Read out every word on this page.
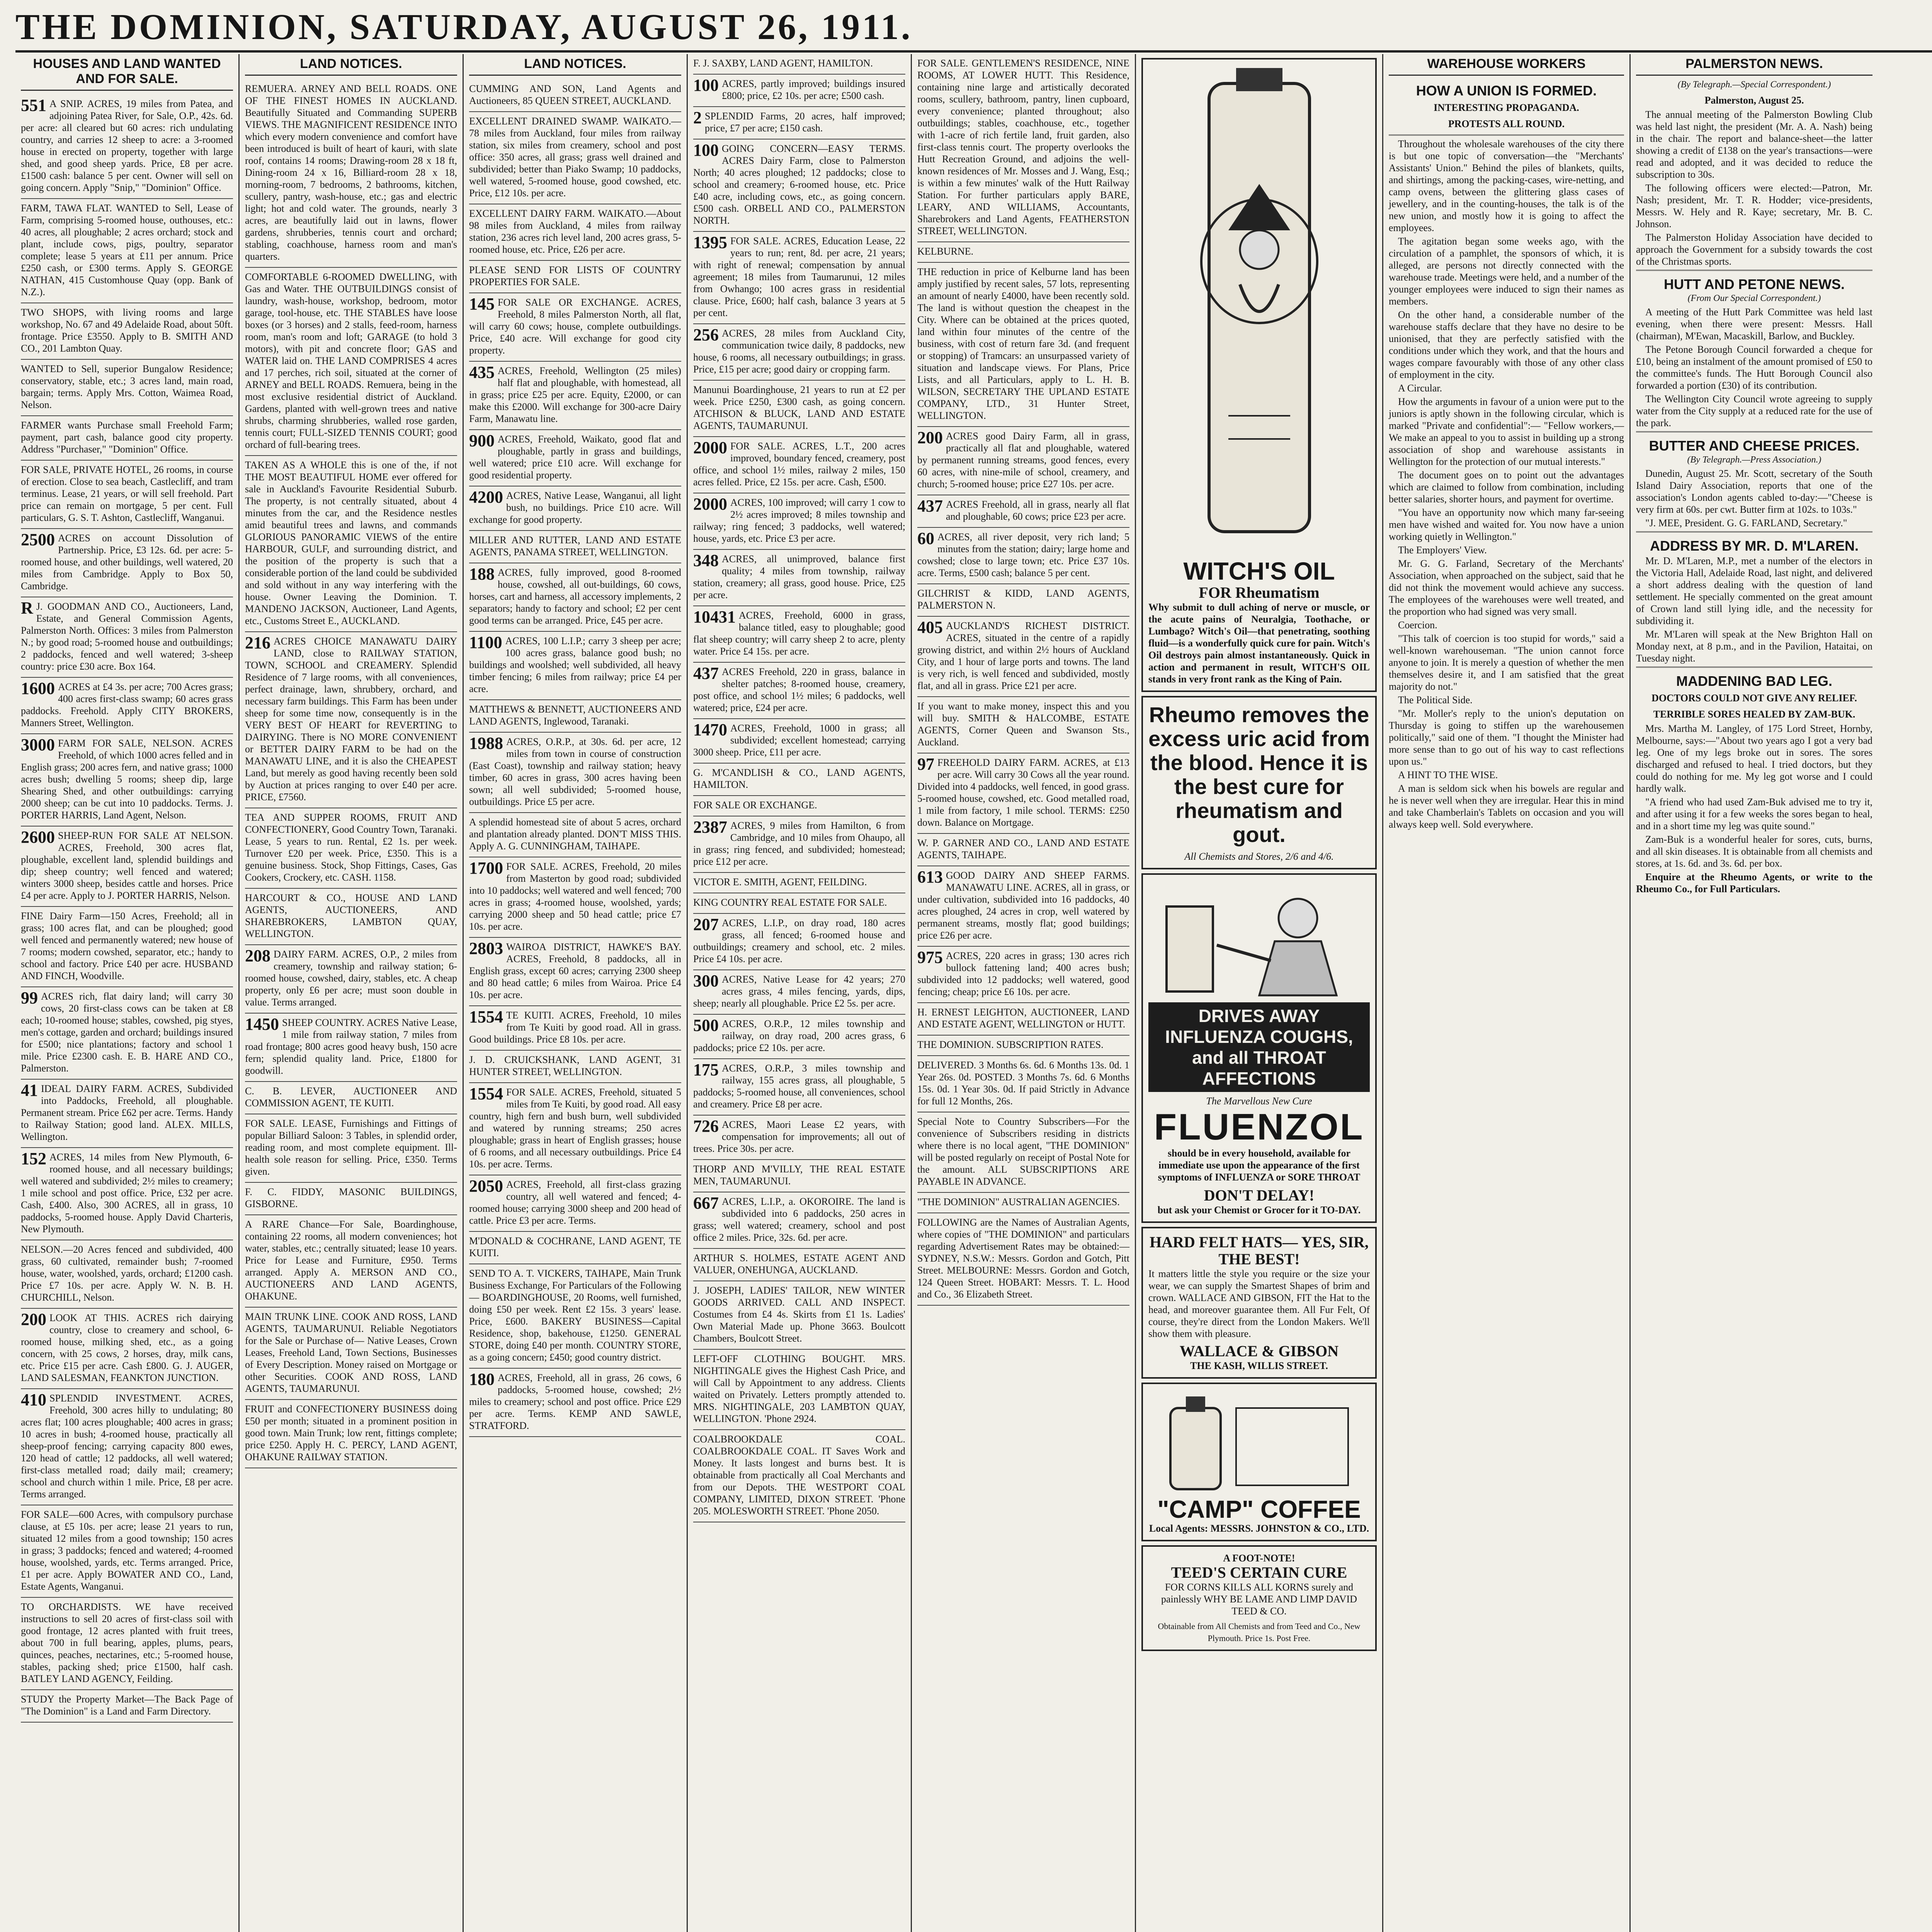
THE DOMINION, SATURDAY, AUGUST 26, 1911.
HOUSES AND LAND WANTED AND FOR SALE.
551 A SNIP. ACRES, 19 miles from Patea, and adjoining Patea River, for Sale, O.P., 42s. 6d. per acre: all cleared but 60 acres: rich undulating country, and carries 12 sheep to acre: a 3-roomed house in erected on property, together with large shed, and good sheep yards. Price, £8 per acre. £1500 cash: balance 5 per cent. Owner will sell on going concern. Apply "Snip," "Dominion" Office.
FARM, TAWA FLAT. WANTED to Sell, Lease of Farm, comprising 5-roomed house, outhouses, etc.: 40 acres, all ploughable; 2 acres orchard; stock and plant, include cows, pigs, poultry, separator complete; lease 5 years at £11 per annum. Price £250 cash, or £300 terms. Apply S. GEORGE NATHAN, 415 Customhouse Quay (opp. Bank of N.Z.).
TWO SHOPS, with living rooms and large workshop, No. 67 and 49 Adelaide Road, about 50ft. frontage. Price £3550. Apply to B. SMITH AND CO., 201 Lambton Quay.
WANTED to Sell, superior Bungalow Residence; conservatory, stable, etc.; 3 acres land, main road, bargain; terms. Apply Mrs. Cotton, Waimea Road, Nelson.
FARMER wants Purchase small Freehold Farm; payment, part cash, balance good city property. Address "Purchaser," "Dominion" Office.
FOR SALE, PRIVATE HOTEL, 26 rooms, in course of erection. Close to sea beach, Castlecliff, and tram terminus. Lease, 21 years, or will sell freehold. Part price can remain on mortgage, 5 per cent. Full particulars, G. S. T. Ashton, Castlecliff, Wanganui.
2500 ACRES on account Dissolution of Partnership. Price, £3 12s. 6d. per acre: 5-roomed house, and other buildings, well watered, 20 miles from Cambridge. Apply to Box 50, Cambridge.
R J. GOODMAN AND CO., Auctioneers, Land, Estate, and General Commission Agents, Palmerston North. Offices: 3 miles from Palmerston N.; by good road; 5-roomed house and outbuildings; 2 paddocks, fenced and well watered; 3-sheep country: price £30 acre. Box 164.
1600 ACRES at £4 3s. per acre; 700 Acres grass; 400 acres first-class swamp; 60 acres grass paddocks. Freehold. Apply CITY BROKERS, Manners Street, Wellington.
3000 FARM FOR SALE, NELSON. ACRES Freehold, of which 1000 acres felled and in English grass; 200 acres fern, and native grass; 1000 acres bush; dwelling 5 rooms; sheep dip, large Shearing Shed, and other outbuildings: carrying 2000 sheep; can be cut into 10 paddocks. Terms. J. PORTER HARRIS, Land Agent, Nelson.
2600 SHEEP-RUN FOR SALE AT NELSON. ACRES, Freehold, 300 acres flat, ploughable, excellent land, splendid buildings and dip; sheep country; well fenced and watered; winters 3000 sheep, besides cattle and horses. Price £4 per acre. Apply to J. PORTER HARRIS, Nelson.
FINE Dairy Farm—150 Acres, Freehold; all in grass; 100 acres flat, and can be ploughed; good well fenced and permanently watered; new house of 7 rooms; modern cowshed, separator, etc.; handy to school and factory. Price £40 per acre. HUSBAND AND FINCH, Woodville.
99 ACRES rich, flat dairy land; will carry 30 cows, 20 first-class cows can be taken at £8 each; 10-roomed house; stables, cowshed, pig styes, men's cottage, garden and orchard; buildings insured for £500; nice plantations; factory and school 1 mile. Price £2300 cash. E. B. HARE AND CO., Palmerston.
41 IDEAL DAIRY FARM. ACRES, Subdivided into Paddocks, Freehold, all ploughable. Permanent stream. Price £62 per acre. Terms. Handy to Railway Station; good land. ALEX. MILLS, Wellington.
152 ACRES, 14 miles from New Plymouth, 6-roomed house, and all necessary buildings; well watered and subdivided; 2½ miles to creamery; 1 mile school and post office. Price, £32 per acre. Cash, £400. Also, 300 ACRES, all in grass, 10 paddocks, 5-roomed house. Apply David Charteris, New Plymouth.
NELSON.—20 Acres fenced and subdivided, 400 grass, 60 cultivated, remainder bush; 7-roomed house, water, woolshed, yards, orchard; £1200 cash. Price £7 10s. per acre. Apply W. N. B. H. CHURCHILL, Nelson.
200 LOOK AT THIS. ACRES rich dairying country, close to creamery and school, 6-roomed house, milking shed, etc., as a going concern, with 25 cows, 2 horses, dray, milk cans, etc. Price £15 per acre. Cash £800. G. J. AUGER, LAND SALESMAN, FEANKTON JUNCTION.
410 SPLENDID INVESTMENT. ACRES, Freehold, 300 acres hilly to undulating; 80 acres flat; 100 acres ploughable; 400 acres in grass; 10 acres in bush; 4-roomed house, practically all sheep-proof fencing; carrying capacity 800 ewes, 120 head of cattle; 12 paddocks, all well watered; first-class metalled road; daily mail; creamery; school and church within 1 mile. Price, £8 per acre. Terms arranged.
FOR SALE—600 Acres, with compulsory purchase clause, at £5 10s. per acre; lease 21 years to run, situated 12 miles from a good township; 150 acres in grass; 3 paddocks; fenced and watered; 4-roomed house, woolshed, yards, etc. Terms arranged. Price, £1 per acre. Apply BOWATER AND CO., Land, Estate Agents, Wanganui.
TO ORCHARDISTS. WE have received instructions to sell 20 acres of first-class soil with good frontage, 12 acres planted with fruit trees, about 700 in full bearing, apples, plums, pears, quinces, peaches, nectarines, etc.; 5-roomed house, stables, packing shed; price £1500, half cash. BATLEY LAND AGENCY, Feilding.
STUDY the Property Market—The Back Page of "The Dominion" is a Land and Farm Directory.
LAND NOTICES.
REMUERA. ARNEY AND BELL ROADS. ONE OF THE FINEST HOMES IN AUCKLAND. Beautifully Situated and Commanding SUPERB VIEWS. THE MAGNIFICENT RESIDENCE INTO which every modern convenience and comfort have been introduced is built of heart of kauri, with slate roof, contains 14 rooms; Drawing-room 28 x 18 ft, Dining-room 24 x 16, Billiard-room 28 x 18, morning-room, 7 bedrooms, 2 bathrooms, kitchen, scullery, pantry, wash-house, etc.; gas and electric light; hot and cold water. The grounds, nearly 3 acres, are beautifully laid out in lawns, flower gardens, shrubberies, tennis court and orchard; stabling, coachhouse, harness room and man's quarters.
COMFORTABLE 6-ROOMED DWELLING, with Gas and Water. THE OUTBUILDINGS consist of laundry, wash-house, workshop, bedroom, motor garage, tool-house, etc. THE STABLES have loose boxes (or 3 horses) and 2 stalls, feed-room, harness room, man's room and loft; GARAGE (to hold 3 motors), with pit and concrete floor; GAS and WATER laid on. THE LAND COMPRISES 4 acres and 17 perches, rich soil, situated at the corner of ARNEY and BELL ROADS. Remuera, being in the most exclusive residential district of Auckland. Gardens, planted with well-grown trees and native shrubs, charming shrubberies, walled rose garden, tennis court; FULL-SIZED TENNIS COURT; good orchard of full-bearing trees.
TAKEN AS A WHOLE this is one of the, if not THE MOST BEAUTIFUL HOME ever offered for sale in Auckland's Favourite Residential Suburb. The property, is not centrally situated, about 4 minutes from the car, and the Residence nestles amid beautiful trees and lawns, and commands GLORIOUS PANORAMIC VIEWS of the entire HARBOUR, GULF, and surrounding district, and the position of the property is such that a considerable portion of the land could be subdivided and sold without in any way interfering with the house. Owner Leaving the Dominion. T. MANDENO JACKSON, Auctioneer, Land Agents, etc., Customs Street E., AUCKLAND.
216 ACRES CHOICE MANAWATU DAIRY LAND, close to RAILWAY STATION, TOWN, SCHOOL and CREAMERY. Splendid Residence of 7 large rooms, with all conveniences, perfect drainage, lawn, shrubbery, orchard, and necessary farm buildings. This Farm has been under sheep for some time now, consequently is in the VERY BEST OF HEART for REVERTING to DAIRYING. There is NO MORE CONVENIENT or BETTER DAIRY FARM to be had on the MANAWATU LINE, and it is also the CHEAPEST Land, but merely as good having recently been sold by Auction at prices ranging to over £40 per acre. PRICE, £7560.
TEA AND SUPPER ROOMS, FRUIT AND CONFECTIONERY, Good Country Town, Taranaki. Lease, 5 years to run. Rental, £2 1s. per week. Turnover £20 per week. Price, £350. This is a genuine business. Stock, Shop Fittings, Cases, Gas Cookers, Crockery, etc. CASH. 1158.
HARCOURT & CO., HOUSE AND LAND AGENTS, AUCTIONEERS, AND SHAREBROKERS, LAMBTON QUAY, WELLINGTON.
208 DAIRY FARM. ACRES, O.P., 2 miles from creamery, township and railway station; 6-roomed house, cowshed, dairy, stables, etc. A cheap property, only £6 per acre; must soon double in value. Terms arranged.
1450 SHEEP COUNTRY. ACRES Native Lease, 1 mile from railway station, 7 miles from road frontage; 800 acres good heavy bush, 150 acre fern; splendid quality land. Price, £1800 for goodwill.
C. B. LEVER, AUCTIONEER AND COMMISSION AGENT, TE KUITI.
FOR SALE. LEASE, Furnishings and Fittings of popular Billiard Saloon: 3 Tables, in splendid order, reading room, and most complete equipment. Ill-health sole reason for selling. Price, £350. Terms given.
F. C. FIDDY, MASONIC BUILDINGS, GISBORNE.
A RARE Chance—For Sale, Boardinghouse, containing 22 rooms, all modern conveniences; hot water, stables, etc.; centrally situated; lease 10 years. Price for Lease and Furniture, £950. Terms arranged. Apply A. MERSON AND CO., AUCTIONEERS AND LAND AGENTS, OHAKUNE.
MAIN TRUNK LINE. COOK AND ROSS, LAND AGENTS, TAUMARUNUI. Reliable Negotiators for the Sale or Purchase of— Native Leases, Crown Leases, Freehold Land, Town Sections, Businesses of Every Description. Money raised on Mortgage or other Securities. COOK AND ROSS, LAND AGENTS, TAUMARUNUI.
FRUIT and CONFECTIONERY BUSINESS doing £50 per month; situated in a prominent position in good town. Main Trunk; low rent, fittings complete; price £250. Apply H. C. PERCY, LAND AGENT, OHAKUNE RAILWAY STATION.
LAND NOTICES.
CUMMING AND SON, Land Agents and Auctioneers, 85 QUEEN STREET, AUCKLAND.
EXCELLENT DRAINED SWAMP. WAIKATO.—78 miles from Auckland, four miles from railway station, six miles from creamery, school and post office: 350 acres, all grass; grass well drained and subdivided; better than Piako Swamp; 10 paddocks, well watered, 5-roomed house, good cowshed, etc. Price, £12 10s. per acre.
EXCELLENT DAIRY FARM. WAIKATO.—About 98 miles from Auckland, 4 miles from railway station, 236 acres rich level land, 200 acres grass, 5-roomed house, etc. Price, £26 per acre.
PLEASE SEND FOR LISTS OF COUNTRY PROPERTIES FOR SALE.
145 FOR SALE OR EXCHANGE. ACRES, Freehold, 8 miles Palmerston North, all flat, will carry 60 cows; house, complete outbuildings. Price, £40 acre. Will exchange for good city property.
435 ACRES, Freehold, Wellington (25 miles) half flat and ploughable, with homestead, all in grass; price £25 per acre. Equity, £2000, or can make this £2000. Will exchange for 300-acre Dairy Farm, Manawatu line.
900 ACRES, Freehold, Waikato, good flat and ploughable, partly in grass and buildings, well watered; price £10 acre. Will exchange for good residential property.
4200 ACRES, Native Lease, Wanganui, all light bush, no buildings. Price £10 acre. Will exchange for good property.
MILLER AND RUTTER, LAND AND ESTATE AGENTS, PANAMA STREET, WELLINGTON.
188 ACRES, fully improved, good 8-roomed house, cowshed, all out-buildings, 60 cows, horses, cart and harness, all accessory implements, 2 separators; handy to factory and school; £2 per cent good terms can be arranged. Price, £45 per acre.
1100 ACRES, 100 L.I.P.; carry 3 sheep per acre; 100 acres grass, balance good bush; no buildings and woolshed; well subdivided, all heavy timber fencing; 6 miles from railway; price £4 per acre.
MATTHEWS & BENNETT, AUCTIONEERS AND LAND AGENTS, Inglewood, Taranaki.
1988 ACRES, O.R.P., at 30s. 6d. per acre, 12 miles from town in course of construction (East Coast), township and railway station; heavy timber, 60 acres in grass, 300 acres having been sown; all well subdivided; 5-roomed house, outbuildings. Price £5 per acre.
A splendid homestead site of about 5 acres, orchard and plantation already planted. DON'T MISS THIS. Apply A. G. CUNNINGHAM, TAIHAPE.
1700 FOR SALE. ACRES, Freehold, 20 miles from Masterton by good road; subdivided into 10 paddocks; well watered and well fenced; 700 acres in grass; 4-roomed house, woolshed, yards; carrying 2000 sheep and 50 head cattle; price £7 10s. per acre.
2803 WAIROA DISTRICT, HAWKE'S BAY. ACRES, Freehold, 8 paddocks, all in English grass, except 60 acres; carrying 2300 sheep and 80 head cattle; 6 miles from Wairoa. Price £4 10s. per acre.
1554 TE KUITI. ACRES, Freehold, 10 miles from Te Kuiti by good road. All in grass. Good buildings. Price £8 10s. per acre.
J. D. CRUICKSHANK, LAND AGENT, 31 HUNTER STREET, WELLINGTON.
1554 FOR SALE. ACRES, Freehold, situated 5 miles from Te Kuiti, by good road. All easy country, high fern and bush burn, well subdivided and watered by running streams; 250 acres ploughable; grass in heart of English grasses; house of 6 rooms, and all necessary outbuildings. Price £4 10s. per acre. Terms.
2050 ACRES, Freehold, all first-class grazing country, all well watered and fenced; 4-roomed house; carrying 3000 sheep and 200 head of cattle. Price £3 per acre. Terms.
M'DONALD & COCHRANE, LAND AGENT, TE KUITI.
SEND TO A. T. VICKERS, TAIHAPE, Main Trunk Business Exchange, For Particulars of the Following— BOARDINGHOUSE, 20 Rooms, well furnished, doing £50 per week. Rent £2 15s. 3 years' lease. Price, £600. BAKERY BUSINESS—Capital Residence, shop, bakehouse, £1250. GENERAL STORE, doing £40 per month. COUNTRY STORE, as a going concern; £450; good country district.
180 ACRES, Freehold, all in grass, 26 cows, 6 paddocks, 5-roomed house, cowshed; 2½ miles to creamery; school and post office. Price £29 per acre. Terms. KEMP AND SAWLE, STRATFORD.
F. J. SAXBY, LAND AGENT, HAMILTON.
100 ACRES, partly improved; buildings insured £800; price, £2 10s. per acre; £500 cash.
2 SPLENDID Farms, 20 acres, half improved; price, £7 per acre; £150 cash.
100 GOING CONCERN—EASY TERMS. ACRES Dairy Farm, close to Palmerston North; 40 acres ploughed; 12 paddocks; close to school and creamery; 6-roomed house, etc. Price £40 acre, including cows, etc., as going concern. £500 cash. ORBELL AND CO., PALMERSTON NORTH.
1395 FOR SALE. ACRES, Education Lease, 22 years to run; rent, 8d. per acre, 21 years; with right of renewal; compensation by annual agreement; 18 miles from Taumarunui, 12 miles from Owhango; 100 acres grass in residential clause. Price, £600; half cash, balance 3 years at 5 per cent.
256 ACRES, 28 miles from Auckland City, communication twice daily, 8 paddocks, new house, 6 rooms, all necessary outbuildings; in grass. Price, £15 per acre; good dairy or cropping farm.
Manunui Boardinghouse, 21 years to run at £2 per week. Price £250, £300 cash, as going concern. ATCHISON & BLUCK, LAND AND ESTATE AGENTS, TAUMARUNUI.
2000 FOR SALE. ACRES, L.T., 200 acres improved, boundary fenced, creamery, post office, and school 1½ miles, railway 2 miles, 150 acres felled. Price, £2 15s. per acre. Cash, £500.
2000 ACRES, 100 improved; will carry 1 cow to 2½ acres improved; 8 miles township and railway; ring fenced; 3 paddocks, well watered; house, yards, etc. Price £3 per acre.
348 ACRES, all unimproved, balance first quality; 4 miles from township, railway station, creamery; all grass, good house. Price, £25 per acre.
10431 ACRES, Freehold, 6000 in grass, balance titled, easy to ploughable; good flat sheep country; will carry sheep 2 to acre, plenty water. Price £4 15s. per acre.
437 ACRES Freehold, 220 in grass, balance in shelter patches; 8-roomed house, creamery, post office, and school 1½ miles; 6 paddocks, well watered; price, £24 per acre.
1470 ACRES, Freehold, 1000 in grass; all subdivided; excellent homestead; carrying 3000 sheep. Price, £11 per acre.
G. M'CANDLISH & CO., LAND AGENTS, HAMILTON.
FOR SALE OR EXCHANGE.
2387 ACRES, 9 miles from Hamilton, 6 from Cambridge, and 10 miles from Ohaupo, all in grass; ring fenced, and subdivided; homestead; price £12 per acre.
VICTOR E. SMITH, AGENT, FEILDING.
KING COUNTRY REAL ESTATE FOR SALE.
207 ACRES, L.I.P., on dray road, 180 acres grass, all fenced; 6-roomed house and outbuildings; creamery and school, etc. 2 miles. Price £4 10s. per acre.
300 ACRES, Native Lease for 42 years; 270 acres grass, 4 miles fencing, yards, dips, sheep; nearly all ploughable. Price £2 5s. per acre.
500 ACRES, O.R.P., 12 miles township and railway, on dray road, 200 acres grass, 6 paddocks; price £2 10s. per acre.
175 ACRES, O.R.P., 3 miles township and railway, 155 acres grass, all ploughable, 5 paddocks; 5-roomed house, all conveniences, school and creamery. Price £8 per acre.
726 ACRES, Maori Lease £2 years, with compensation for improvements; all out of trees. Price 30s. per acre.
THORP AND M'VILLY, THE REAL ESTATE MEN, TAUMARUNUI.
667 ACRES, L.I.P., a. OKOROIRE. The land is subdivided into 6 paddocks, 250 acres in grass; well watered; creamery, school and post office 2 miles. Price, 32s. 6d. per acre.
ARTHUR S. HOLMES, ESTATE AGENT AND VALUER, ONEHUNGA, AUCKLAND.
J. JOSEPH, LADIES' TAILOR, NEW WINTER GOODS ARRIVED. CALL AND INSPECT. Costumes from £4 4s. Skirts from £1 1s. Ladies' Own Material Made up. Phone 3663. Boulcott Chambers, Boulcott Street.
LEFT-OFF CLOTHING BOUGHT. MRS. NIGHTINGALE gives the Highest Cash Price, and will Call by Appointment to any address. Clients waited on Privately. Letters promptly attended to. MRS. NIGHTINGALE, 203 LAMBTON QUAY, WELLINGTON. 'Phone 2924.
COALBROOKDALE COAL. COALBROOKDALE COAL. IT Saves Work and Money. It lasts longest and burns best. It is obtainable from practically all Coal Merchants and from our Depots. THE WESTPORT COAL COMPANY, LIMITED, DIXON STREET. 'Phone 205. MOLESWORTH STREET. 'Phone 2050.
FOR SALE. GENTLEMEN'S RESIDENCE, NINE ROOMS, AT LOWER HUTT. This Residence, containing nine large and artistically decorated rooms, scullery, bathroom, pantry, linen cupboard, every convenience; planted throughout; also outbuildings; stables, coachhouse, etc., together with 1-acre of rich fertile land, fruit garden, also first-class tennis court. The property overlooks the Hutt Recreation Ground, and adjoins the well-known residences of Mr. Mosses and J. Wang, Esq.; is within a few minutes' walk of the Hutt Railway Station. For further particulars apply BARE, LEARY, AND WILLIAMS, Accountants, Sharebrokers and Land Agents, FEATHERSTON STREET, WELLINGTON.
KELBURNE.
THE reduction in price of Kelburne land has been amply justified by recent sales, 57 lots, representing an amount of nearly £4000, have been recently sold. The land is without question the cheapest in the City. Where can be obtained at the prices quoted, land within four minutes of the centre of the business, with cost of return fare 3d. (and frequent or stopping) of Tramcars: an unsurpassed variety of situation and landscape views. For Plans, Price Lists, and all Particulars, apply to L. H. B. WILSON, SECRETARY THE UPLAND ESTATE COMPANY, LTD., 31 Hunter Street, WELLINGTON.
200 ACRES good Dairy Farm, all in grass, practically all flat and ploughable, watered by permanent running streams, good fences, every 60 acres, with nine-mile of school, creamery, and church; 5-roomed house; price £27 10s. per acre.
437 ACRES Freehold, all in grass, nearly all flat and ploughable, 60 cows; price £23 per acre.
60 ACRES, all river deposit, very rich land; 5 minutes from the station; dairy; large home and cowshed; close to large town; etc. Price £37 10s. acre. Terms, £500 cash; balance 5 per cent.
GILCHRIST & KIDD, LAND AGENTS, PALMERSTON N.
405 AUCKLAND'S RICHEST DISTRICT. ACRES, situated in the centre of a rapidly growing district, and within 2½ hours of Auckland City, and 1 hour of large ports and towns. The land is very rich, is well fenced and subdivided, mostly flat, and all in grass. Price £21 per acre.
If you want to make money, inspect this and you will buy. SMITH & HALCOMBE, ESTATE AGENTS, Corner Queen and Swanson Sts., Auckland.
97 FREEHOLD DAIRY FARM. ACRES, at £13 per acre. Will carry 30 Cows all the year round. Divided into 4 paddocks, well fenced, in good grass. 5-roomed house, cowshed, etc. Good metalled road, 1 mile from factory, 1 mile school. TERMS: £250 down. Balance on Mortgage.
W. P. GARNER AND CO., LAND AND ESTATE AGENTS, TAIHAPE.
613 GOOD DAIRY AND SHEEP FARMS. MANAWATU LINE. ACRES, all in grass, or under cultivation, subdivided into 16 paddocks, 40 acres ploughed, 24 acres in crop, well watered by permanent streams, mostly flat; good buildings; price £26 per acre.
975 ACRES, 220 acres in grass; 130 acres rich bullock fattening land; 400 acres bush; subdivided into 12 paddocks; well watered, good fencing; cheap; price £6 10s. per acre.
H. ERNEST LEIGHTON, AUCTIONEER, LAND AND ESTATE AGENT, WELLINGTON or HUTT.
THE DOMINION. SUBSCRIPTION RATES.
DELIVERED. 3 Months 6s. 6d. 6 Months 13s. 0d. 1 Year 26s. 0d. POSTED. 3 Months 7s. 6d. 6 Months 15s. 0d. 1 Year 30s. 0d. If paid Strictly in Advance for full 12 Months, 26s.
Special Note to Country Subscribers—For the convenience of Subscribers residing in districts where there is no local agent, "THE DOMINION" will be posted regularly on receipt of Postal Note for the amount. ALL SUBSCRIPTIONS ARE PAYABLE IN ADVANCE.
"THE DOMINION" AUSTRALIAN AGENCIES.
FOLLOWING are the Names of Australian Agents, where copies of "THE DOMINION" and particulars regarding Advertisement Rates may be obtained:— SYDNEY, N.S.W.: Messrs. Gordon and Gotch, Pitt Street. MELBOURNE: Messrs. Gordon and Gotch, 124 Queen Street. HOBART: Messrs. T. L. Hood and Co., 36 Elizabeth Street.
WITCH'S OIL
FOR Rheumatism
Why submit to dull aching of nerve or muscle, or the acute pains of Neuralgia, Toothache, or Lumbago? Witch's Oil—that penetrating, soothing fluid—is a wonderfully quick cure for pain. Witch's Oil destroys pain almost instantaneously. Quick in action and permanent in result, WITCH'S OIL stands in very front rank as the King of Pain.
Rheumo removes the excess uric acid from the blood. Hence it is the best cure for rheumatism and gout.
All Chemists and Stores, 2/6 and 4/6.
DRIVES AWAY INFLUENZA COUGHS, and all THROAT AFFECTIONS
The Marvellous New Cure
FLUENZOL
should be in every household, available for immediate use upon the appearance of the first symptoms of INFLUENZA or SORE THROAT
DON'T DELAY!
but ask your Chemist or Grocer for it TO-DAY.
HARD FELT HATS— YES, SIR, THE BEST!
It matters little the style you require or the size your wear, we can supply the Smartest Shapes of brim and crown. WALLACE AND GIBSON, FIT the Hat to the head, and moreover guarantee them. All Fur Felt, Of course, they're direct from the London Makers. We'll show them with pleasure.
WALLACE & GIBSON
THE KASH, WILLIS STREET.
"CAMP" COFFEE
Local Agents: MESSRS. JOHNSTON & CO., LTD.
A FOOT-NOTE!
TEED'S CERTAIN CURE
FOR CORNS KILLS ALL KORNS surely and painlessly WHY BE LAME AND LIMP DAVID TEED & CO.
Obtainable from All Chemists and from Teed and Co., New Plymouth. Price 1s. Post Free.
WAREHOUSE WORKERS
HOW A UNION IS FORMED.
INTERESTING PROPAGANDA.
PROTESTS ALL ROUND.

Throughout the wholesale warehouses of the city there is but one topic of conversation—the "Merchants' Assistants' Union." Behind the piles of blankets, quilts, and shirtings, among the packing-cases, wire-netting, and camp ovens, between the glittering glass cases of jewellery, and in the counting-houses, the talk is of the new union, and mostly how it is going to affect the employees.

The agitation began some weeks ago, with the circulation of a pamphlet, the sponsors of which, it is alleged, are persons not directly connected with the warehouse trade. Meetings were held, and a number of the younger employees were induced to sign their names as members.

On the other hand, a considerable number of the warehouse staffs declare that they have no desire to be unionised, that they are perfectly satisfied with the conditions under which they work, and that the hours and wages compare favourably with those of any other class of employment in the city.

A Circular.

How the arguments in favour of a union were put to the juniors is aptly shown in the following circular, which is marked "Private and confidential":— "Fellow workers,—We make an appeal to you to assist in building up a strong association of shop and warehouse assistants in Wellington for the protection of our mutual interests."

The document goes on to point out the advantages which are claimed to follow from combination, including better salaries, shorter hours, and payment for overtime.

"You have an opportunity now which many far-seeing men have wished and waited for. You now have a union working quietly in Wellington."

The Employers' View.

Mr. G. G. Farland, Secretary of the Merchants' Association, when approached on the subject, said that he did not think the movement would achieve any success. The employees of the warehouses were well treated, and the proportion who had signed was very small.

Coercion.

"This talk of coercion is too stupid for words," said a well-known warehouseman. "The union cannot force anyone to join. It is merely a question of whether the men themselves desire it, and I am satisfied that the great majority do not."

The Political Side.

"Mr. Moller's reply to the union's deputation on Thursday is going to stiffen up the warehousemen politically," said one of them. "I thought the Minister had more sense than to go out of his way to cast reflections upon us."

A HINT TO THE WISE.

A man is seldom sick when his bowels are regular and he is never well when they are irregular. Hear this in mind and take Chamberlain's Tablets on occasion and you will always keep well. Sold everywhere.

PALMERSTON NEWS.
(By Telegraph.—Special Correspondent.)
Palmerston, August 25.

The annual meeting of the Palmerston Bowling Club was held last night, the president (Mr. A. A. Nash) being in the chair. The report and balance-sheet—the latter showing a credit of £138 on the year's transactions—were read and adopted, and it was decided to reduce the subscription to 30s.

The following officers were elected:—Patron, Mr. Nash; president, Mr. T. R. Hodder; vice-presidents, Messrs. W. Hely and R. Kaye; secretary, Mr. B. C. Johnson.

The Palmerston Holiday Association have decided to approach the Government for a subsidy towards the cost of the Christmas sports.

HUTT AND PETONE NEWS.
(From Our Special Correspondent.)

A meeting of the Hutt Park Committee was held last evening, when there were present: Messrs. Hall (chairman), M'Ewan, Macaskill, Barlow, and Buckley.

The Petone Borough Council forwarded a cheque for £10, being an instalment of the amount promised of £50 to the committee's funds. The Hutt Borough Council also forwarded a portion (£30) of its contribution.

The Wellington City Council wrote agreeing to supply water from the City supply at a reduced rate for the use of the park.

BUTTER AND CHEESE PRICES.
(By Telegraph.—Press Association.)

Dunedin, August 25. Mr. Scott, secretary of the South Island Dairy Association, reports that one of the association's London agents cabled to-day:—"Cheese is very firm at 60s. per cwt. Butter firm at 102s. to 103s."

"J. MEE, President. G. G. FARLAND, Secretary."

ADDRESS BY MR. D. M'LAREN.

Mr. D. M'Laren, M.P., met a number of the electors in the Victoria Hall, Adelaide Road, last night, and delivered a short address dealing with the question of land settlement. He specially commented on the great amount of Crown land still lying idle, and the necessity for subdividing it.

Mr. M'Laren will speak at the New Brighton Hall on Monday next, at 8 p.m., and in the Pavilion, Hataitai, on Tuesday night.

MADDENING BAD LEG.
DOCTORS COULD NOT GIVE ANY RELIEF.
TERRIBLE SORES HEALED BY ZAM-BUK.

Mrs. Martha M. Langley, of 175 Lord Street, Hornby, Melbourne, says:—"About two years ago I got a very bad leg. One of my legs broke out in sores. The sores discharged and refused to heal. I tried doctors, but they could do nothing for me. My leg got worse and I could hardly walk.

"A friend who had used Zam-Buk advised me to try it, and after using it for a few weeks the sores began to heal, and in a short time my leg was quite sound."

Zam-Buk is a wonderful healer for sores, cuts, burns, and all skin diseases. It is obtainable from all chemists and stores, at 1s. 6d. and 3s. 6d. per box.

Enquire at the Rheumo Agents, or write to the Rheumo Co., for Full Particulars.
